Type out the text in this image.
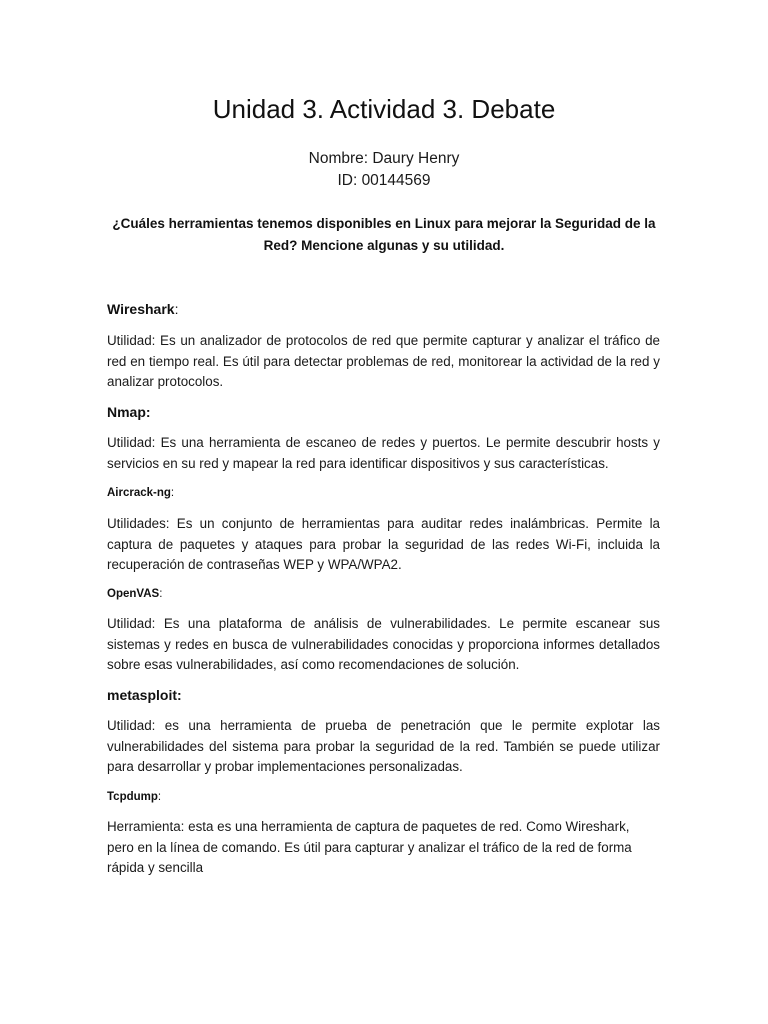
Unidad 3. Actividad 3. Debate
Nombre: Daury Henry
ID: 00144569
¿Cuáles herramientas tenemos disponibles en Linux para mejorar la Seguridad de la Red? Mencione algunas y su utilidad.
Wireshark:
Utilidad: Es un analizador de protocolos de red que permite capturar y analizar el tráfico de red en tiempo real. Es útil para detectar problemas de red, monitorear la actividad de la red y analizar protocolos.
Nmap:
Utilidad: Es una herramienta de escaneo de redes y puertos. Le permite descubrir hosts y servicios en su red y mapear la red para identificar dispositivos y sus características.
Aircrack-ng:
Utilidades: Es un conjunto de herramientas para auditar redes inalámbricas. Permite la captura de paquetes y ataques para probar la seguridad de las redes Wi-Fi, incluida la recuperación de contraseñas WEP y WPA/WPA2.
OpenVAS:
Utilidad: Es una plataforma de análisis de vulnerabilidades. Le permite escanear sus sistemas y redes en busca de vulnerabilidades conocidas y proporciona informes detallados sobre esas vulnerabilidades, así como recomendaciones de solución.
metasploit:
Utilidad: es una herramienta de prueba de penetración que le permite explotar las vulnerabilidades del sistema para probar la seguridad de la red. También se puede utilizar para desarrollar y probar implementaciones personalizadas.
Tcpdump:
Herramienta: esta es una herramienta de captura de paquetes de red. Como Wireshark, pero en la línea de comando. Es útil para capturar y analizar el tráfico de la red de forma rápida y sencilla
